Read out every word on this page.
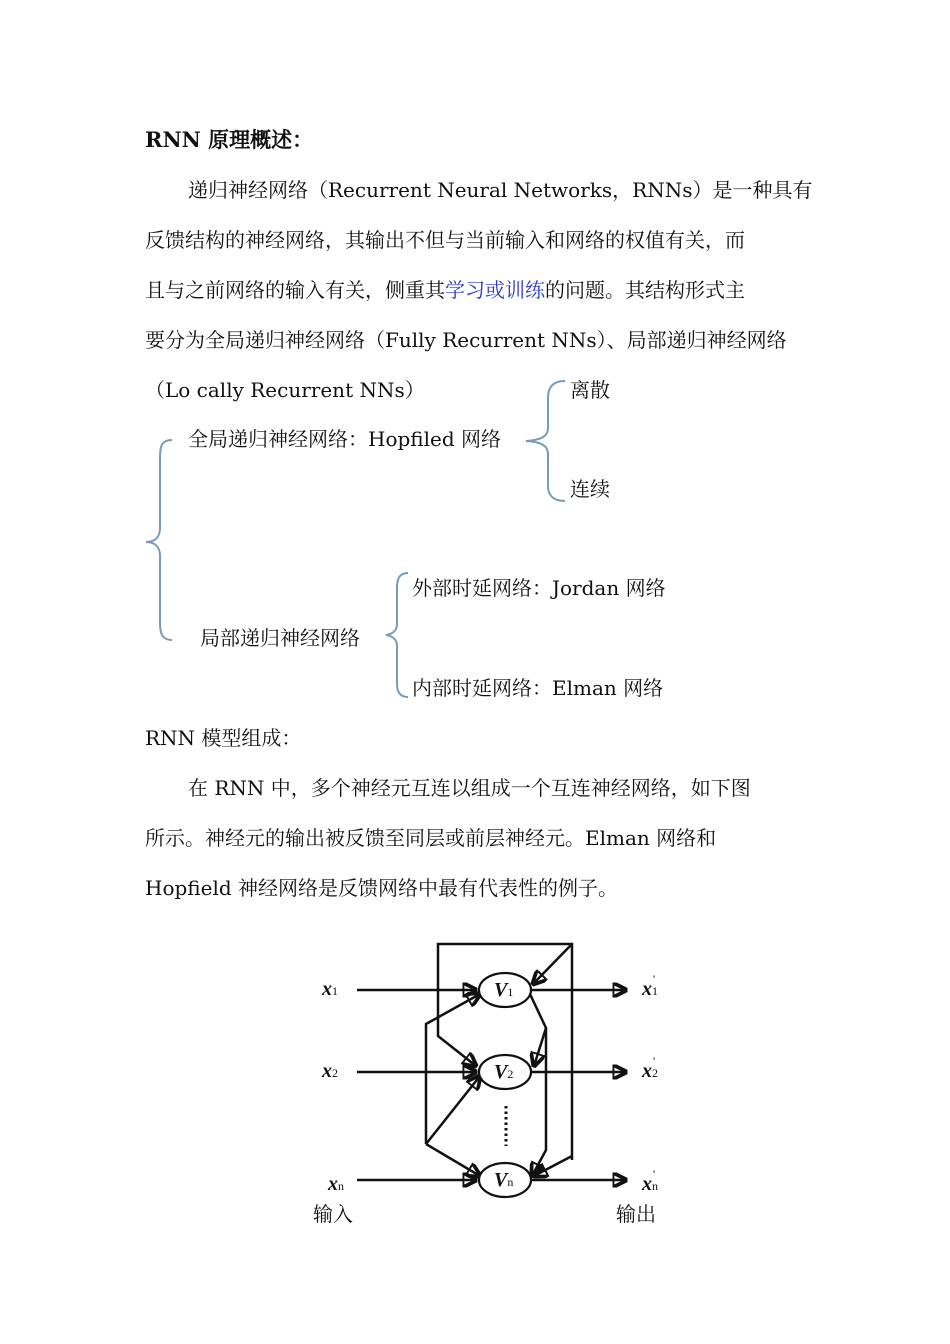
RNN 原理概述：
递归神经网络（Recurrent Neural Networks，RNNs）是一种具有
反馈结构的神经网络，其输出不但与当前输入和网络的权值有关，而
且与之前网络的输入有关，侧重其学习或训练的问题。其结构形式主
要分为全局递归神经网络（Fully Recurrent NNs）、局部递归神经网络
（Lo cally Recurrent NNs）	离散
全局递归神经网络：Hopfiled 网络
连续
外部时延网络：Jordan 网络
局部递归神经网络
内部时延网络：Elman 网络
RNN 模型组成：
在 RNN 中，多个神经元互连以组成一个互连神经网络，如下图
所示。神经元的输出被反馈至同层或前层神经元。Elman 网络和
Hopfield 神经网络是反馈网络中最有代表性的例子。
x1
x2
xn
V1
V2
Vn
x1'
x2'
xn'
输入	输出
